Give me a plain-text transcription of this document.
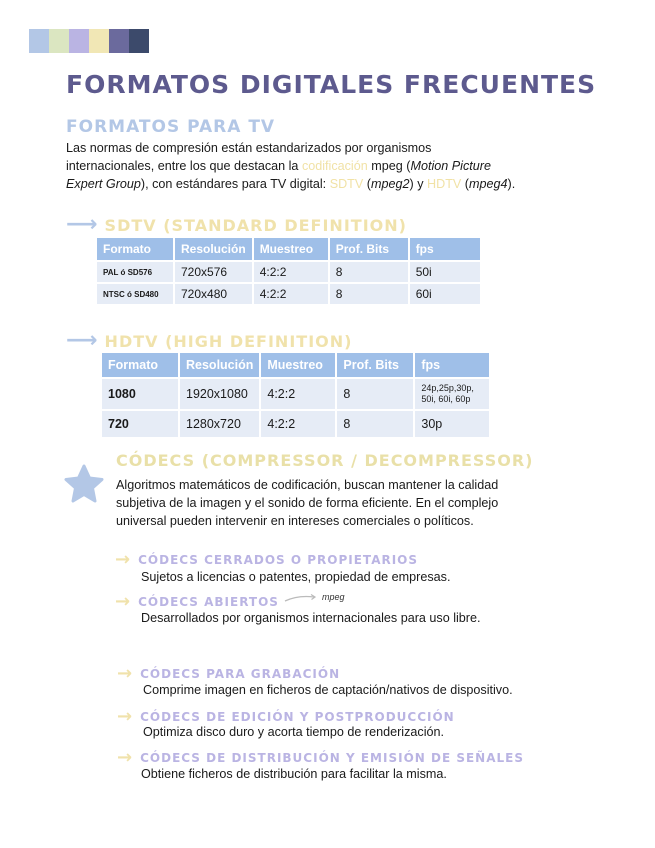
FORMATOS DIGITALES FRECUENTES
FORMATOS PARA TV
Las normas de compresión están estandarizados por organismos
internacionales, entre los que destacan la codificación mpeg (Motion Picture
Expert Group), con estándares para TV digital: SDTV (mpeg2) y HDTV (mpeg4).
⟶ SDTV (STANDARD DEFINITION)
Formato	Resolución	Muestreo	Prof. Bits	fps
PAL ó SD576	720x576	4:2:2	8	50i
NTSC ó SD480	720x480	4:2:2	8	60i
⟶ HDTV (HIGH DEFINITION)
Formato	Resolución	Muestreo	Prof. Bits	fps
1080	1920x1080	4:2:2	8	24p,25p,30p,
50i, 60i, 60p

720	1280x720	4:2:2	8	30p
CÓDECS (COMPRESSOR / DECOMPRESSOR)
Algoritmos matemáticos de codificación, buscan mantener la calidad
subjetiva de la imagen y el sonido de forma eficiente. En el complejo
universal pueden intervenir en intereses comerciales o políticos.
→ CÓDECS CERRADOS O PROPIETARIOS
Sujetos a licencias o patentes, propiedad de empresas.
→ CÓDECS ABIERTOS	mpeg
Desarrollados por organismos internacionales para uso libre.
→ CÓDECS PARA GRABACIÓN
Comprime imagen en ficheros de captación/nativos de dispositivo.
→ CÓDECS DE EDICIÓN Y POSTPRODUCCIÓN
Optimiza disco duro y acorta tiempo de renderización.
→ CÓDECS DE DISTRIBUCIÓN Y EMISIÓN DE SEÑALES
Obtiene ficheros de distribución para facilitar la misma.
